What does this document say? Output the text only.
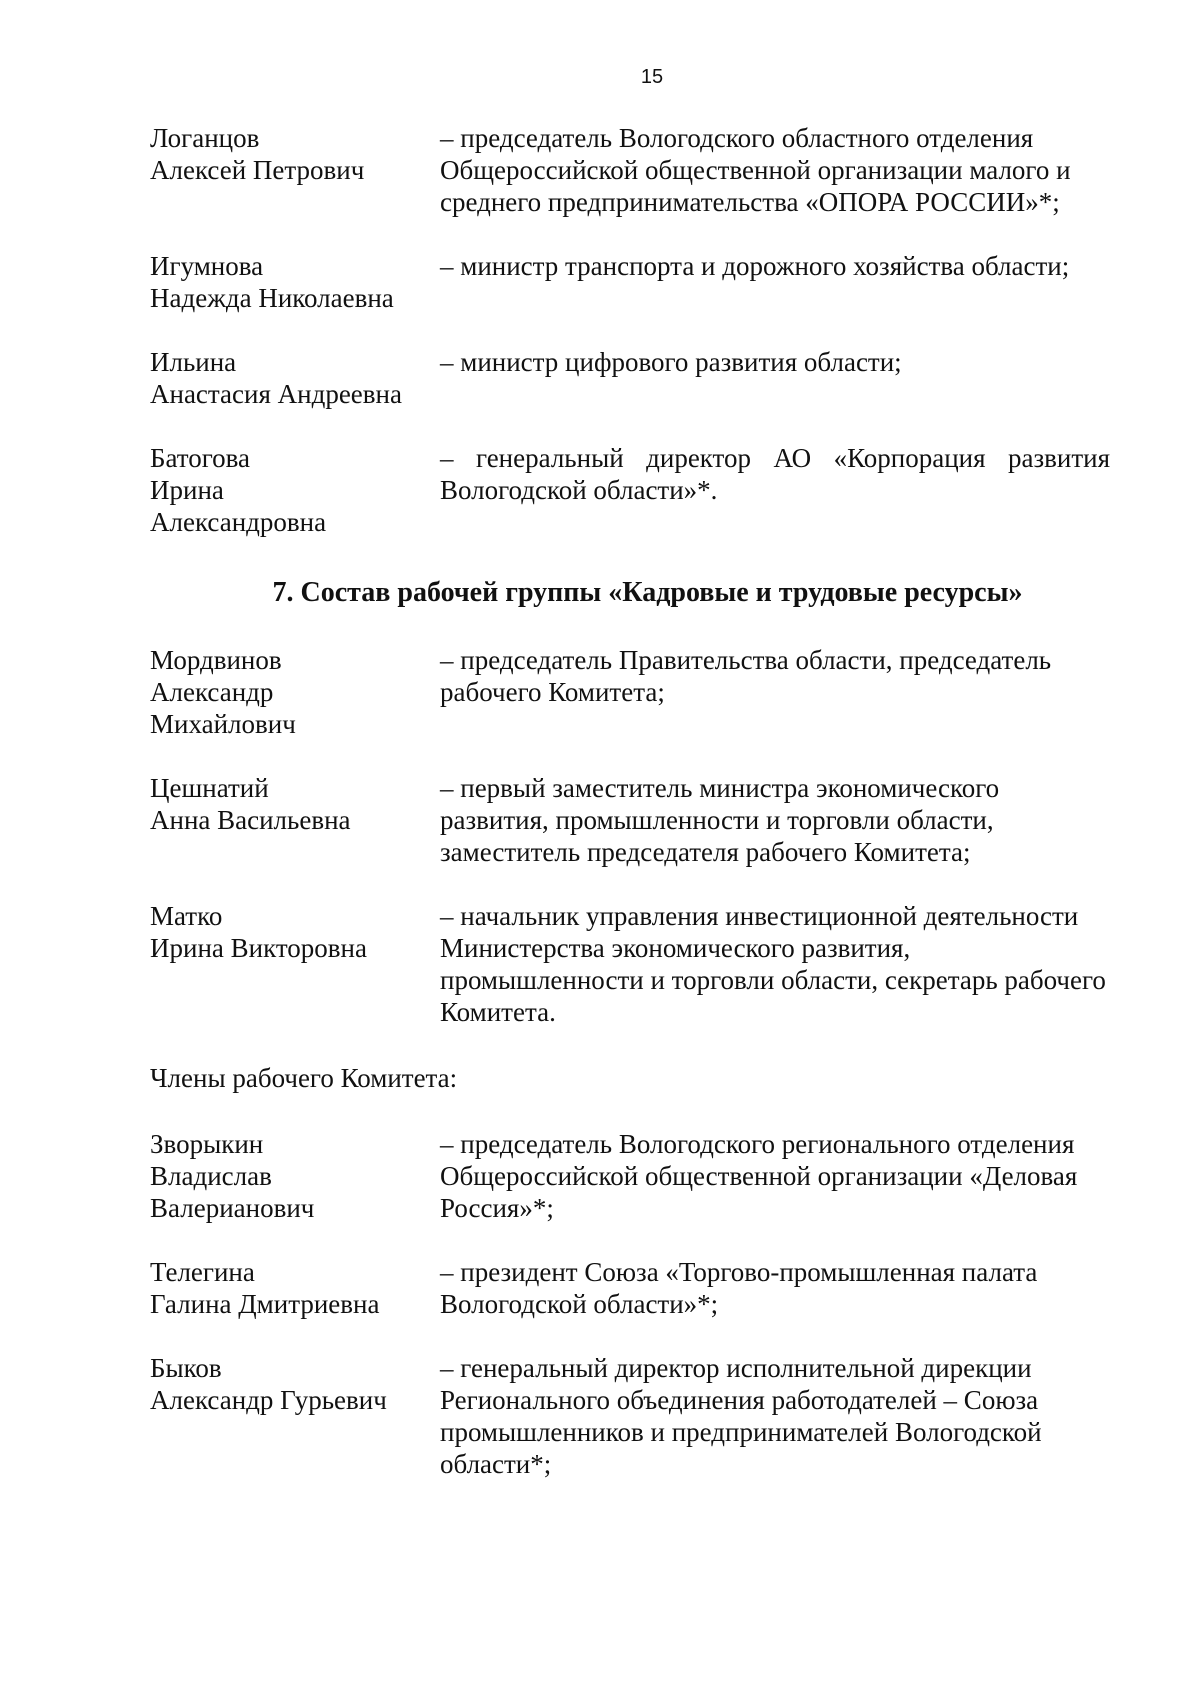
15
Логанцов
Алексей Петрович
– председатель Вологодского областного отделения Общероссийской общественной организации малого и среднего предпринимательства «ОПОРА РОССИИ»*;
Игумнова
Надежда Николаевна
– министр транспорта и дорожного хозяйства области;
Ильина
Анастасия Андреевна
– министр цифрового развития области;
Батогова
Ирина
Александровна
– генеральный директор АО «Корпорация развития Вологодской области»*.
7. Состав рабочей группы «Кадровые и трудовые ресурсы»
Мордвинов
Александр
Михайлович
– председатель Правительства области, председатель рабочего Комитета;
Цешнатий
Анна Васильевна
– первый заместитель министра экономического развития, промышленности и торговли области, заместитель председателя рабочего Комитета;
Матко
Ирина Викторовна
– начальник управления инвестиционной деятельности Министерства экономического развития, промышленности и торговли области, секретарь рабочего Комитета.
Члены рабочего Комитета:
Зворыкин
Владислав
Валерианович
– председатель Вологодского регионального отделения Общероссийской общественной организации «Деловая Россия»*;
Телегина
Галина Дмитриевна
– президент Союза «Торгово-промышленная палата Вологодской области»*;
Быков
Александр Гурьевич
– генеральный директор исполнительной дирекции Регионального объединения работодателей – Союза промышленников и предпринимателей Вологодской области*;
